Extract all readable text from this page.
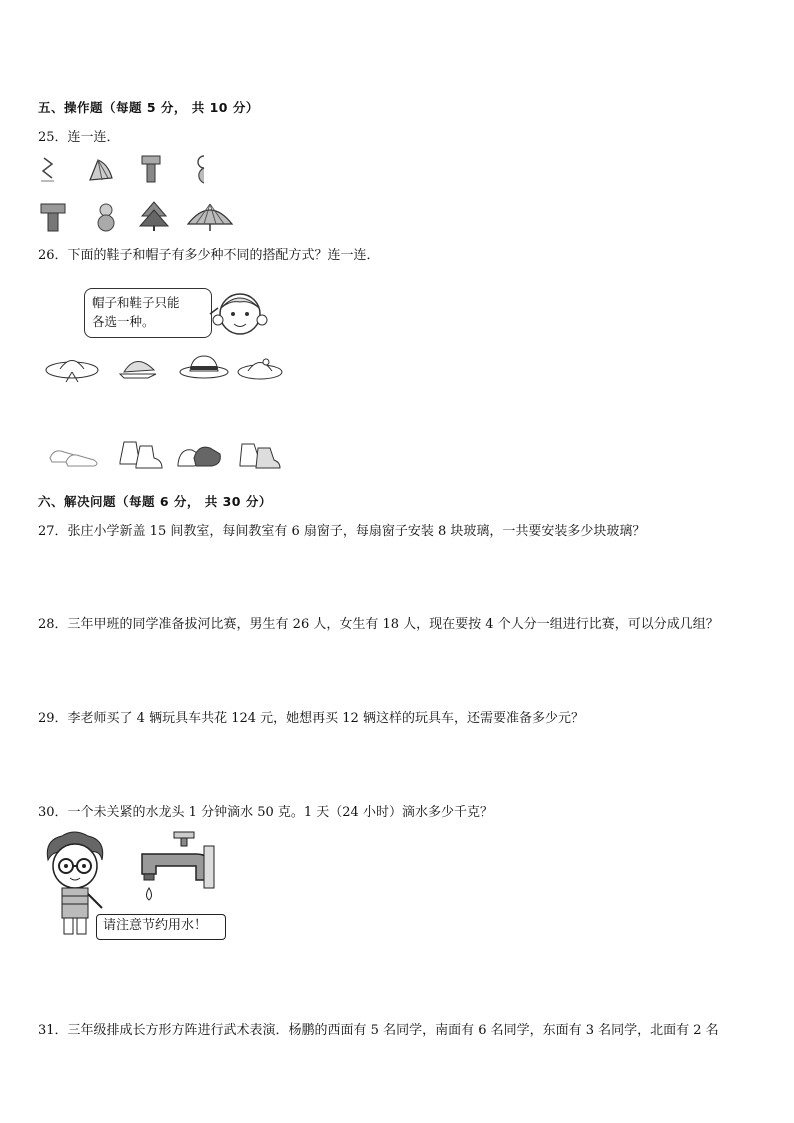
五、操作题（每题 5 分， 共 10 分）
25．连一连．
26．下面的鞋子和帽子有多少种不同的搭配方式？连一连．
帽子和鞋子只能
各选一种。
六、解决问题（每题 6 分， 共 30 分）
27．张庄小学新盖 15 间教室，每间教室有 6 扇窗子，每扇窗子安装 8 块玻璃，一共要安装多少块玻璃？
28．三年甲班的同学准备拔河比赛，男生有 26 人，女生有 18 人，现在要按 4 个人分一组进行比赛，可以分成几组？
29．李老师买了 4 辆玩具车共花 124 元，她想再买 12 辆这样的玩具车，还需要准备多少元？
30．一个未关紧的水龙头 1 分钟滴水 50 克。1 天（24 小时）滴水多少千克？
请注意节约用水！
31．三年级排成长方形方阵进行武术表演．杨鹏的西面有 5 名同学，南面有 6 名同学，东面有 3 名同学，北面有 2 名
